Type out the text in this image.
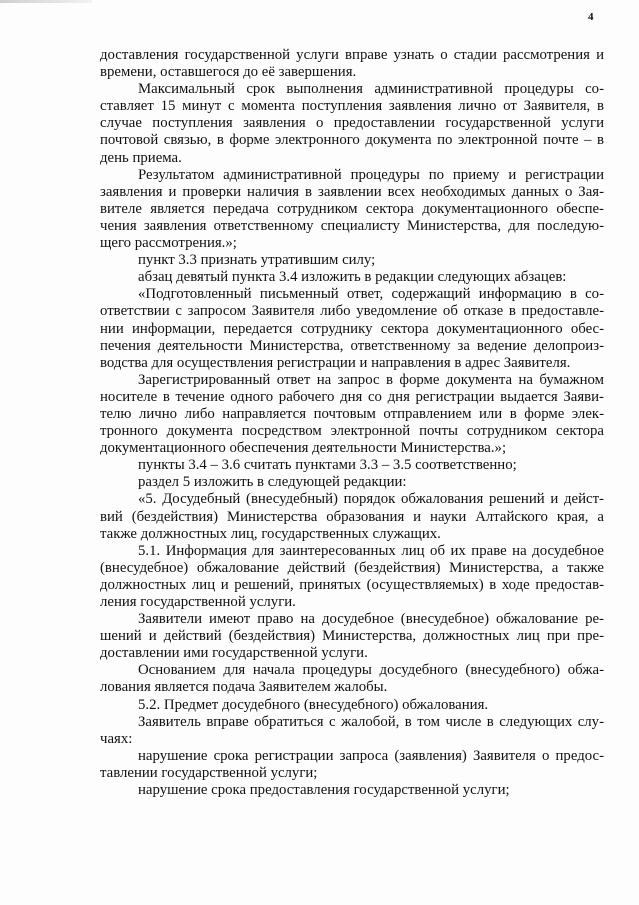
4
доставления государственной услуги вправе узнать о стадии рассмотрения и
времени, оставшегося до её завершения.
Максимальный срок выполнения административной процедуры со-
ставляет 15 минут с момента поступления заявления лично от Заявителя, в
случае поступления заявления о предоставлении государственной услуги
почтовой связью, в форме электронного документа по электронной почте – в
день приема.
Результатом административной процедуры по приему и регистрации
заявления и проверки наличия в заявлении всех необходимых данных о Зая-
вителе является передача сотрудником сектора документационного обеспе-
чения заявления ответственному специалисту Министерства, для последую-
щего рассмотрения.»;
пункт 3.3 признать утратившим силу;
абзац девятый пункта 3.4 изложить в редакции следующих абзацев:
«Подготовленный письменный ответ, содержащий информацию в со-
ответствии с запросом Заявителя либо уведомление об отказе в предоставле-
нии информации, передается сотруднику сектора документационного обес-
печения деятельности Министерства, ответственному за ведение делопроиз-
водства для осуществления регистрации и направления в адрес Заявителя.
Зарегистрированный ответ на запрос в форме документа на бумажном
носителе в течение одного рабочего дня со дня регистрации выдается Заяви-
телю лично либо направляется почтовым отправлением или в форме элек-
тронного документа посредством электронной почты сотрудником сектора
документационного обеспечения деятельности Министерства.»;
пункты 3.4 – 3.6 считать пунктами 3.3 – 3.5 соответственно;
раздел 5 изложить в следующей редакции:
«5. Досудебный (внесудебный) порядок обжалования решений и дейст-
вий (бездействия) Министерства образования и науки Алтайского края, а
также должностных лиц, государственных служащих.
5.1. Информация для заинтересованных лиц об их праве на досудебное
(внесудебное) обжалование действий (бездействия) Министерства, а также
должностных лиц и решений, принятых (осуществляемых) в ходе предостав-
ления государственной услуги.
Заявители имеют право на досудебное (внесудебное) обжалование ре-
шений и действий (бездействия) Министерства, должностных лиц при пре-
доставлении ими государственной услуги.
Основанием для начала процедуры досудебного (внесудебного) обжа-
лования является подача Заявителем жалобы.
5.2. Предмет досудебного (внесудебного) обжалования.
Заявитель вправе обратиться с жалобой, в том числе в следующих слу-
чаях:
нарушение срока регистрации запроса (заявления) Заявителя о предос-
тавлении государственной услуги;
нарушение срока предоставления государственной услуги;
